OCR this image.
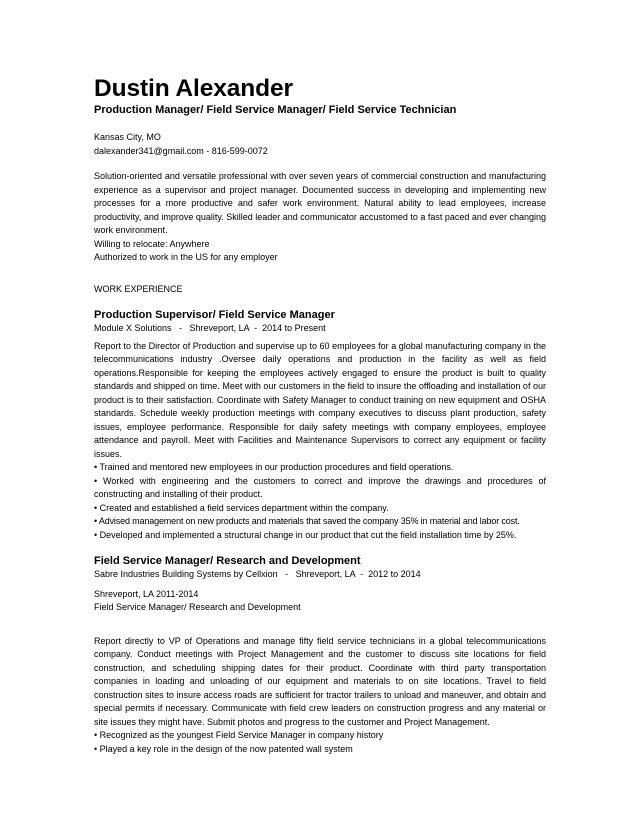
Dustin Alexander

Production Manager/ Field Service Manager/ Field Service Technician

Kansas City, MO

dalexander341@gmail.com - 816-599-0072

Solution-oriented and versatile professional with over seven years of commercial construction and manufacturing experience as a supervisor and project manager. Documented success in developing and implementing new processes for a more productive and safer work environment. Natural ability to lead employees, increase productivity, and improve quality. Skilled leader and communicator accustomed to a fast paced and ever changing work environment.

Willing to relocate: Anywhere

Authorized to work in the US for any employer

WORK EXPERIENCE

Production Supervisor/ Field Service Manager

Module X Solutions   -   Shreveport, LA  -  2014 to Present

Report to the Director of Production and supervise up to 60 employees for a global manufacturing company in the telecommunications industry .Oversee daily operations and production in the facility as well as field operations.Responsible for keeping the employees actively engaged to ensure the product is built to quality standards and shipped on time. Meet with our customers in the field to insure the offloading and installation of our product is to their satisfaction. Coordinate with Safety Manager to conduct training on new equipment and OSHA standards. Schedule weekly production meetings with company executives to discuss plant production, safety issues, employee performance. Responsible for daily safety meetings with company employees, employee attendance and payroll. Meet with Facilities and Maintenance Supervisors to correct any equipment or facility issues.

• Trained and mentored new employees in our production procedures and field operations.

• Worked with engineering and the customers to correct and improve the drawings and procedures of constructing and installing of their product.

• Created and established a field services department within the company.

• Advised management on new products and materials that saved the company 35% in material and labor cost.

• Developed and implemented a structural change in our product that cut the field installation time by 25%.

Field Service Manager/ Research and Development

Sabre Industries Building Systems by Cellxion   -   Shreveport, LA  -  2012 to 2014

Shreveport, LA 2011-2014

Field Service Manager/ Research and Development

Report directly to VP of Operations and manage fifty field service technicians in a global telecommunications company. Conduct meetings with Project Management and the customer to discuss site locations for field construction, and scheduling shipping dates for their product. Coordinate with third party transportation companies in loading and unloading of our equipment and materials to on site locations. Travel to field construction sites to insure access roads are sufficient for tractor trailers to unload and maneuver, and obtain and special permits if necessary. Communicate with field crew leaders on construction progress and any material or site issues they might have. Submit photos and progress to the customer and Project Management.

• Recognized as the youngest Field Service Manager in company history

• Played a key role in the design of the now patented wall system
